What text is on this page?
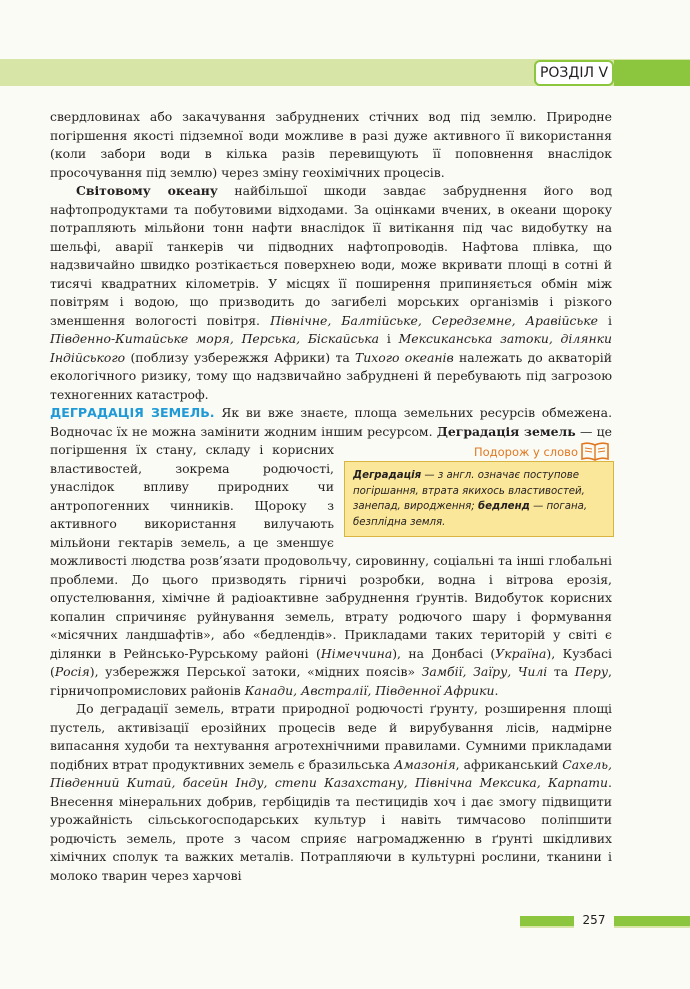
РОЗДІЛ V

свердловинах або закачування забруднених стічних вод під землю. Природне погіршення якості підземної води можливе в разі дуже активного її використання (коли забори води в кілька разів перевищують її поповнення внаслідок просочування під землю) через зміну геохімічних процесів.

Світовому океану найбільшої шкоди завдає забруднення його вод нафтопродуктами та побутовими відходами. За оцінками вчених, в океани щороку потрапляють мільйони тонн нафти внаслідок її витікання під час видобутку на шельфі, аварії танкерів чи підводних нафтопроводів. Нафтова плівка, що надзвичайно швидко розтікається поверхнею води, може вкривати площі в сотні й тисячі квадратних кілометрів. У місцях її поширення припиняється обмін між повітрям і водою, що призводить до загибелі морських організмів і різкого зменшення вологості повітря. Північне, Балтійське, Середземне, Аравійське і Південно-Китайське моря, Перська, Біскайська і Мексиканська затоки, ділянки Індійського (поблизу узбережжя Африки) та Тихого океанів належать до акваторій екологічного ризику, тому що надзвичайно забруднені й перебувають під загрозою техногенних катастроф.

ДЕГРАДАЦІЯ ЗЕМЕЛЬ. Як ви вже знаєте, площа земельних ресурсів обмежена. Водночас їх не можна замінити жодним іншим ресурсом. Деградація земель
Подорож у слово
Деградація — з англ. означає поступове погіршання, втрата якихось властивостей, занепад, виродження; бедленд — погана, безплідна земля.
— це погіршення їх стану, складу і корисних властивостей, зокрема родючості, унаслідок впливу природних чи антропогенних чинників. Щороку з активного використання вилучають мільйони гектарів земель, а це зменшує можливості людства розв’язати продовольчу, сировинну, соціальні та інші глобальні проблеми. До цього призводять гірничі розробки, водна і вітрова ерозія, опустелювання, хімічне й радіоактивне забруднення ґрунтів. Видобуток корисних копалин спричиняє руйнування земель, втрату родючого шару і формування «місячних ландшафтів», або «бедлендів». Прикладами таких територій у світі є ділянки в Рейнсько-Рурському районі (Німеччина), на Донбасі (Україна), Кузбасі (Росія), узбережжя Перської затоки, «мідних поясів» Замбії, Заїру, Чилі та Перу, гірничопромислових районів Канади, Австралії, Південної Африки.

До деградації земель, втрати природної родючості ґрунту, розширення площі пустель, активізації ерозійних процесів веде й вирубування лісів, надмірне випасання худоби та нехтування агротехнічними правилами. Сумними прикладами подібних втрат продуктивних земель є бразильська Амазонія, африканський Сахель, Південний Китай, басейн Інду, степи Казахстану, Північна Мексика, Карпати. Внесення мінеральних добрив, гербіцидів та пестицидів хоч і дає змогу підвищити урожайність сільськогосподарських культур і навіть тимчасово поліпшити родючість земель, проте з часом сприяє нагромадженню в ґрунті шкідливих хімічних сполук та важких металів. Потрапляючи в культурні рослини, тканини і молоко тварин через харчові

257
